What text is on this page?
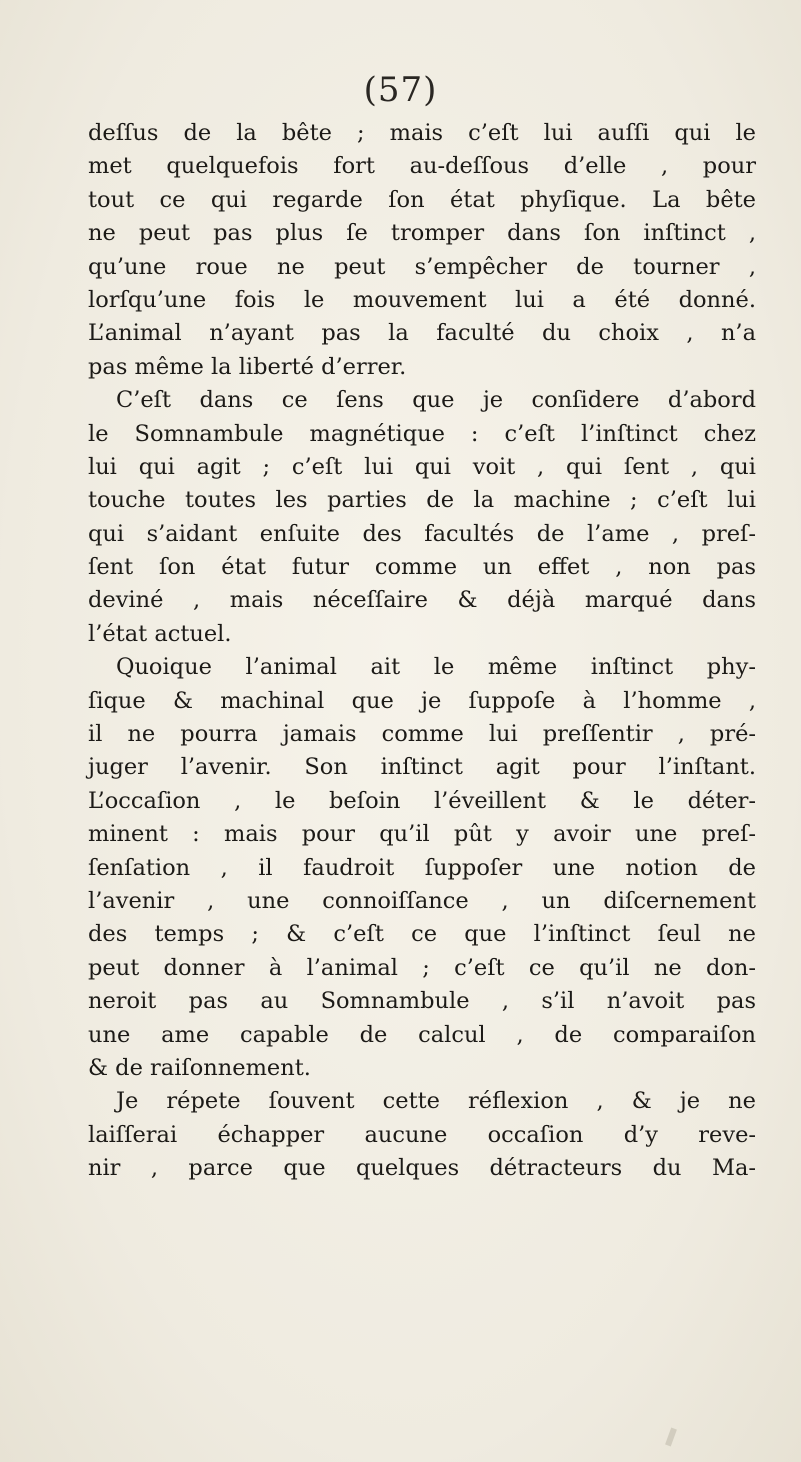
(57)
deſſus de la bête ; mais c’eſt lui auſſi qui le
met quelquefois fort au-deſſous d’elle , pour
tout ce qui regarde ſon état phyſique. La bête
ne peut pas plus ſe tromper dans ſon inſtinct ,
qu’une roue ne peut s’empêcher de tourner ,
lorſqu’une fois le mouvement lui a été donné.
L’animal n’ayant pas la faculté du choix , n’a
pas même la liberté d’errer.
C’eſt dans ce ſens que je conſidere d’abord
le Somnambule magnétique : c’eſt l’inſtinct chez
lui qui agit ; c’eſt lui qui voit , qui ſent , qui
touche toutes les parties de la machine ; c’eſt lui
qui s’aidant enſuite des facultés de l’ame , preſ-
ſent ſon état futur comme un effet , non pas
deviné , mais néceſſaire & déjà marqué dans
l’état actuel.
Quoique l’animal ait le même inſtinct phy-
ſique & machinal que je ſuppoſe à l’homme ,
il ne pourra jamais comme lui preſſentir , pré-
juger l’avenir. Son inſtinct agit pour l’inſtant.
L’occaſion , le beſoin l’éveillent & le déter-
minent : mais pour qu’il pût y avoir une preſ-
ſenſation , il faudroit ſuppoſer une notion de
l’avenir , une connoiſſance , un diſcernement
des temps ; & c’eſt ce que l’inſtinct ſeul ne
peut donner à l’animal ; c’eſt ce qu’il ne don-
neroit pas au Somnambule , s’il n’avoit pas
une ame capable de calcul , de comparaiſon
& de raiſonnement.
Je répete ſouvent cette réflexion , & je ne
laiſſerai échapper aucune occaſion d’y reve-
nir , parce que quelques détracteurs du Ma-
